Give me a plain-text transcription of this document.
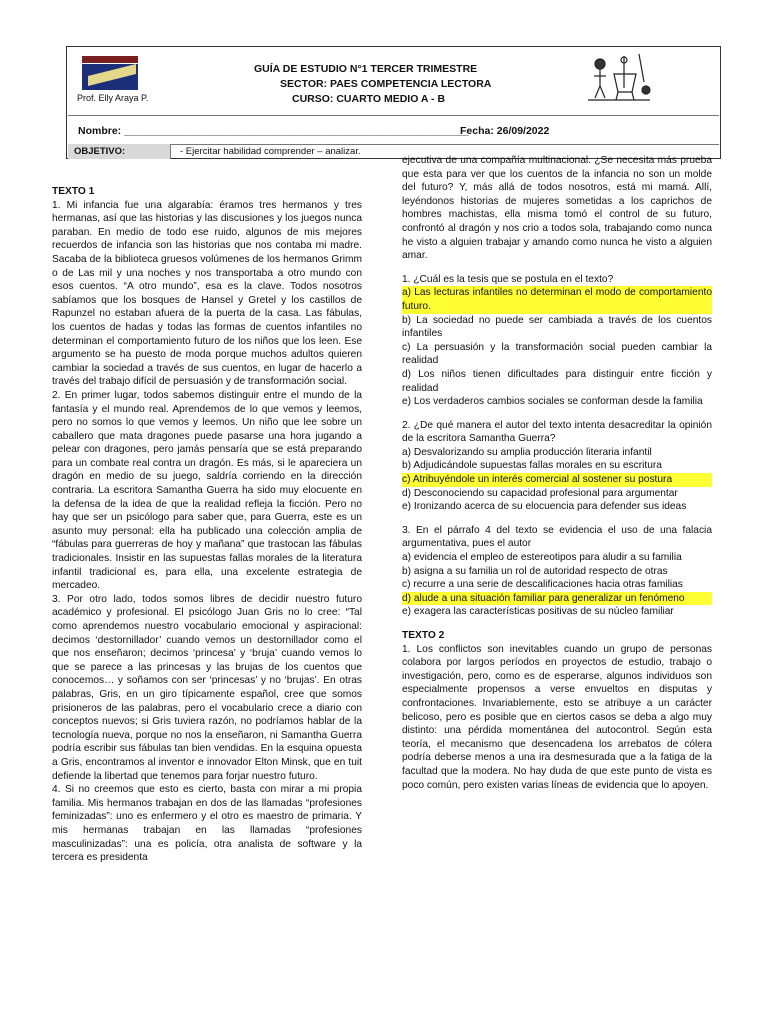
Prof. Elly Araya P.
GUÍA DE ESTUDIO N°1 TERCER TRIMESTRE
SECTOR: PAES COMPETENCIA LECTORA
CURSO: CUARTO MEDIO A - B
Nombre: ___________________________________________________________
Fecha: 26/09/2022
OBJETIVO:	- Ejercitar habilidad comprender – analizar.

TEXTO 1

1. Mi infancia fue una algarabía: éramos tres hermanos y tres hermanas, así que las historias y las discusiones y los juegos nunca paraban. En medio de todo ese ruido, algunos de mis mejores recuerdos de infancia son las historias que nos contaba mi madre. Sacaba de la biblioteca gruesos volúmenes de los hermanos Grimm o de Las mil y una noches y nos transportaba a otro mundo con esos cuentos. “A otro mundo”, esa es la clave. Todos nosotros sabíamos que los bosques de Hansel y Gretel y los castillos de Rapunzel no estaban afuera de la puerta de la casa. Las fábulas, los cuentos de hadas y todas las formas de cuentos infantiles no determinan el comportamiento futuro de los niños que los leen. Ese argumento se ha puesto de moda porque muchos adultos quieren cambiar la sociedad a través de sus cuentos, en lugar de hacerlo a través del trabajo difícil de persuasión y de transformación social.

2. En primer lugar, todos sabemos distinguir entre el mundo de la fantasía y el mundo real. Aprendemos de lo que vemos y leemos, pero no somos lo que vemos y leemos. Un niño que lee sobre un caballero que mata dragones puede pasarse una hora jugando a pelear con dragones, pero jamás pensaría que se está preparando para un combate real contra un dragón. Es más, si le apareciera un dragón en medio de su juego, saldría corriendo en la dirección contraria. La escritora Samantha Guerra ha sido muy elocuente en la defensa de la idea de que la realidad refleja la ficción. Pero no hay que ser un psicólogo para saber que, para Guerra, este es un asunto muy personal: ella ha publicado una colección amplia de “fábulas para guerreras de hoy y mañana” que trastocan las fábulas tradicionales. Insistir en las supuestas fallas morales de la literatura infantil tradicional es, para ella, una excelente estrategia de mercadeo.

3. Por otro lado, todos somos libres de decidir nuestro futuro académico y profesional. El psicólogo Juan Gris no lo cree: “Tal como aprendemos nuestro vocabulario emocional y aspiracional: decimos ‘destornillador’ cuando vemos un destornillador como el que nos enseñaron; decimos ‘princesa’ y ‘bruja’ cuando vemos lo que se parece a las princesas y las brujas de los cuentos que conocemos… y soñamos con ser ‘princesas’ y no ‘brujas’. En otras palabras, Gris, en un giro típicamente español, cree que somos prisioneros de las palabras, pero el vocabulario crece a diario con conceptos nuevos; si Gris tuviera razón, no podríamos hablar de la tecnología nueva, porque no nos la enseñaron, ni Samantha Guerra podría escribir sus fábulas tan bien vendidas. En la esquina opuesta a Gris, encontramos al inventor e innovador Elton Minsk, que en tuit defiende la libertad que tenemos para forjar nuestro futuro.

4. Si no creemos que esto es cierto, basta con mirar a mi propia familia. Mis hermanos trabajan en dos de las llamadas “profesiones feminizadas”: uno es enfermero y el otro es maestro de primaria. Y mis hermanas trabajan en las llamadas “profesiones masculinizadas”: una es policía, otra analista de software y la tercera es presidenta

ejecutiva de una compañía multinacional. ¿Se necesita más prueba que esta para ver que los cuentos de la infancia no son un molde del futuro? Y, más allá de todos nosotros, está mi mamá. Allí, leyéndonos historias de mujeres sometidas a los caprichos de hombres machistas, ella misma tomó el control de su futuro, confrontó al dragón y nos crio a todos sola, trabajando como nunca he visto a alguien trabajar y amando como nunca he visto a alguien amar.

1. ¿Cuál es la tesis que se postula en el texto?

a) Las lecturas infantiles no determinan el modo de comportamiento futuro.

b) La sociedad no puede ser cambiada a través de los cuentos infantiles

c) La persuasión y la transformación social pueden cambiar la realidad

d) Los niños tienen dificultades para distinguir entre ficción y realidad

e) Los verdaderos cambios sociales se conforman desde la familia

2. ¿De qué manera el autor del texto intenta desacreditar la opinión de la escritora Samantha Guerra?

a) Desvalorizando su amplia producción literaria infantil

b) Adjudicándole supuestas fallas morales en su escritura

c) Atribuyéndole un interés comercial al sostener su postura

d) Desconociendo su capacidad profesional para argumentar

e) Ironizando acerca de su elocuencia para defender sus ideas

3. En el párrafo 4 del texto se evidencia el uso de una falacia argumentativa, pues el autor

a) evidencia el empleo de estereotipos para aludir a su familia

b) asigna a su familia un rol de autoridad respecto de otras

c) recurre a una serie de descalificaciones hacia otras familias

d) alude a una situación familiar para generalizar un fenómeno

e) exagera las características positivas de su núcleo familiar

TEXTO 2

1. Los conflictos son inevitables cuando un grupo de personas colabora por largos períodos en proyectos de estudio, trabajo o investigación, pero, como es de esperarse, algunos individuos son especialmente propensos a verse envueltos en disputas y confrontaciones. Invariablemente, esto se atribuye a un carácter belicoso, pero es posible que en ciertos casos se deba a algo muy distinto: una pérdida momentánea del autocontrol. Según esta teoría, el mecanismo que desencadena los arrebatos de cólera podría deberse menos a una ira desmesurada que a la fatiga de la facultad que la modera. No hay duda de que este punto de vista es poco común, pero existen varias líneas de evidencia que lo apoyen.
